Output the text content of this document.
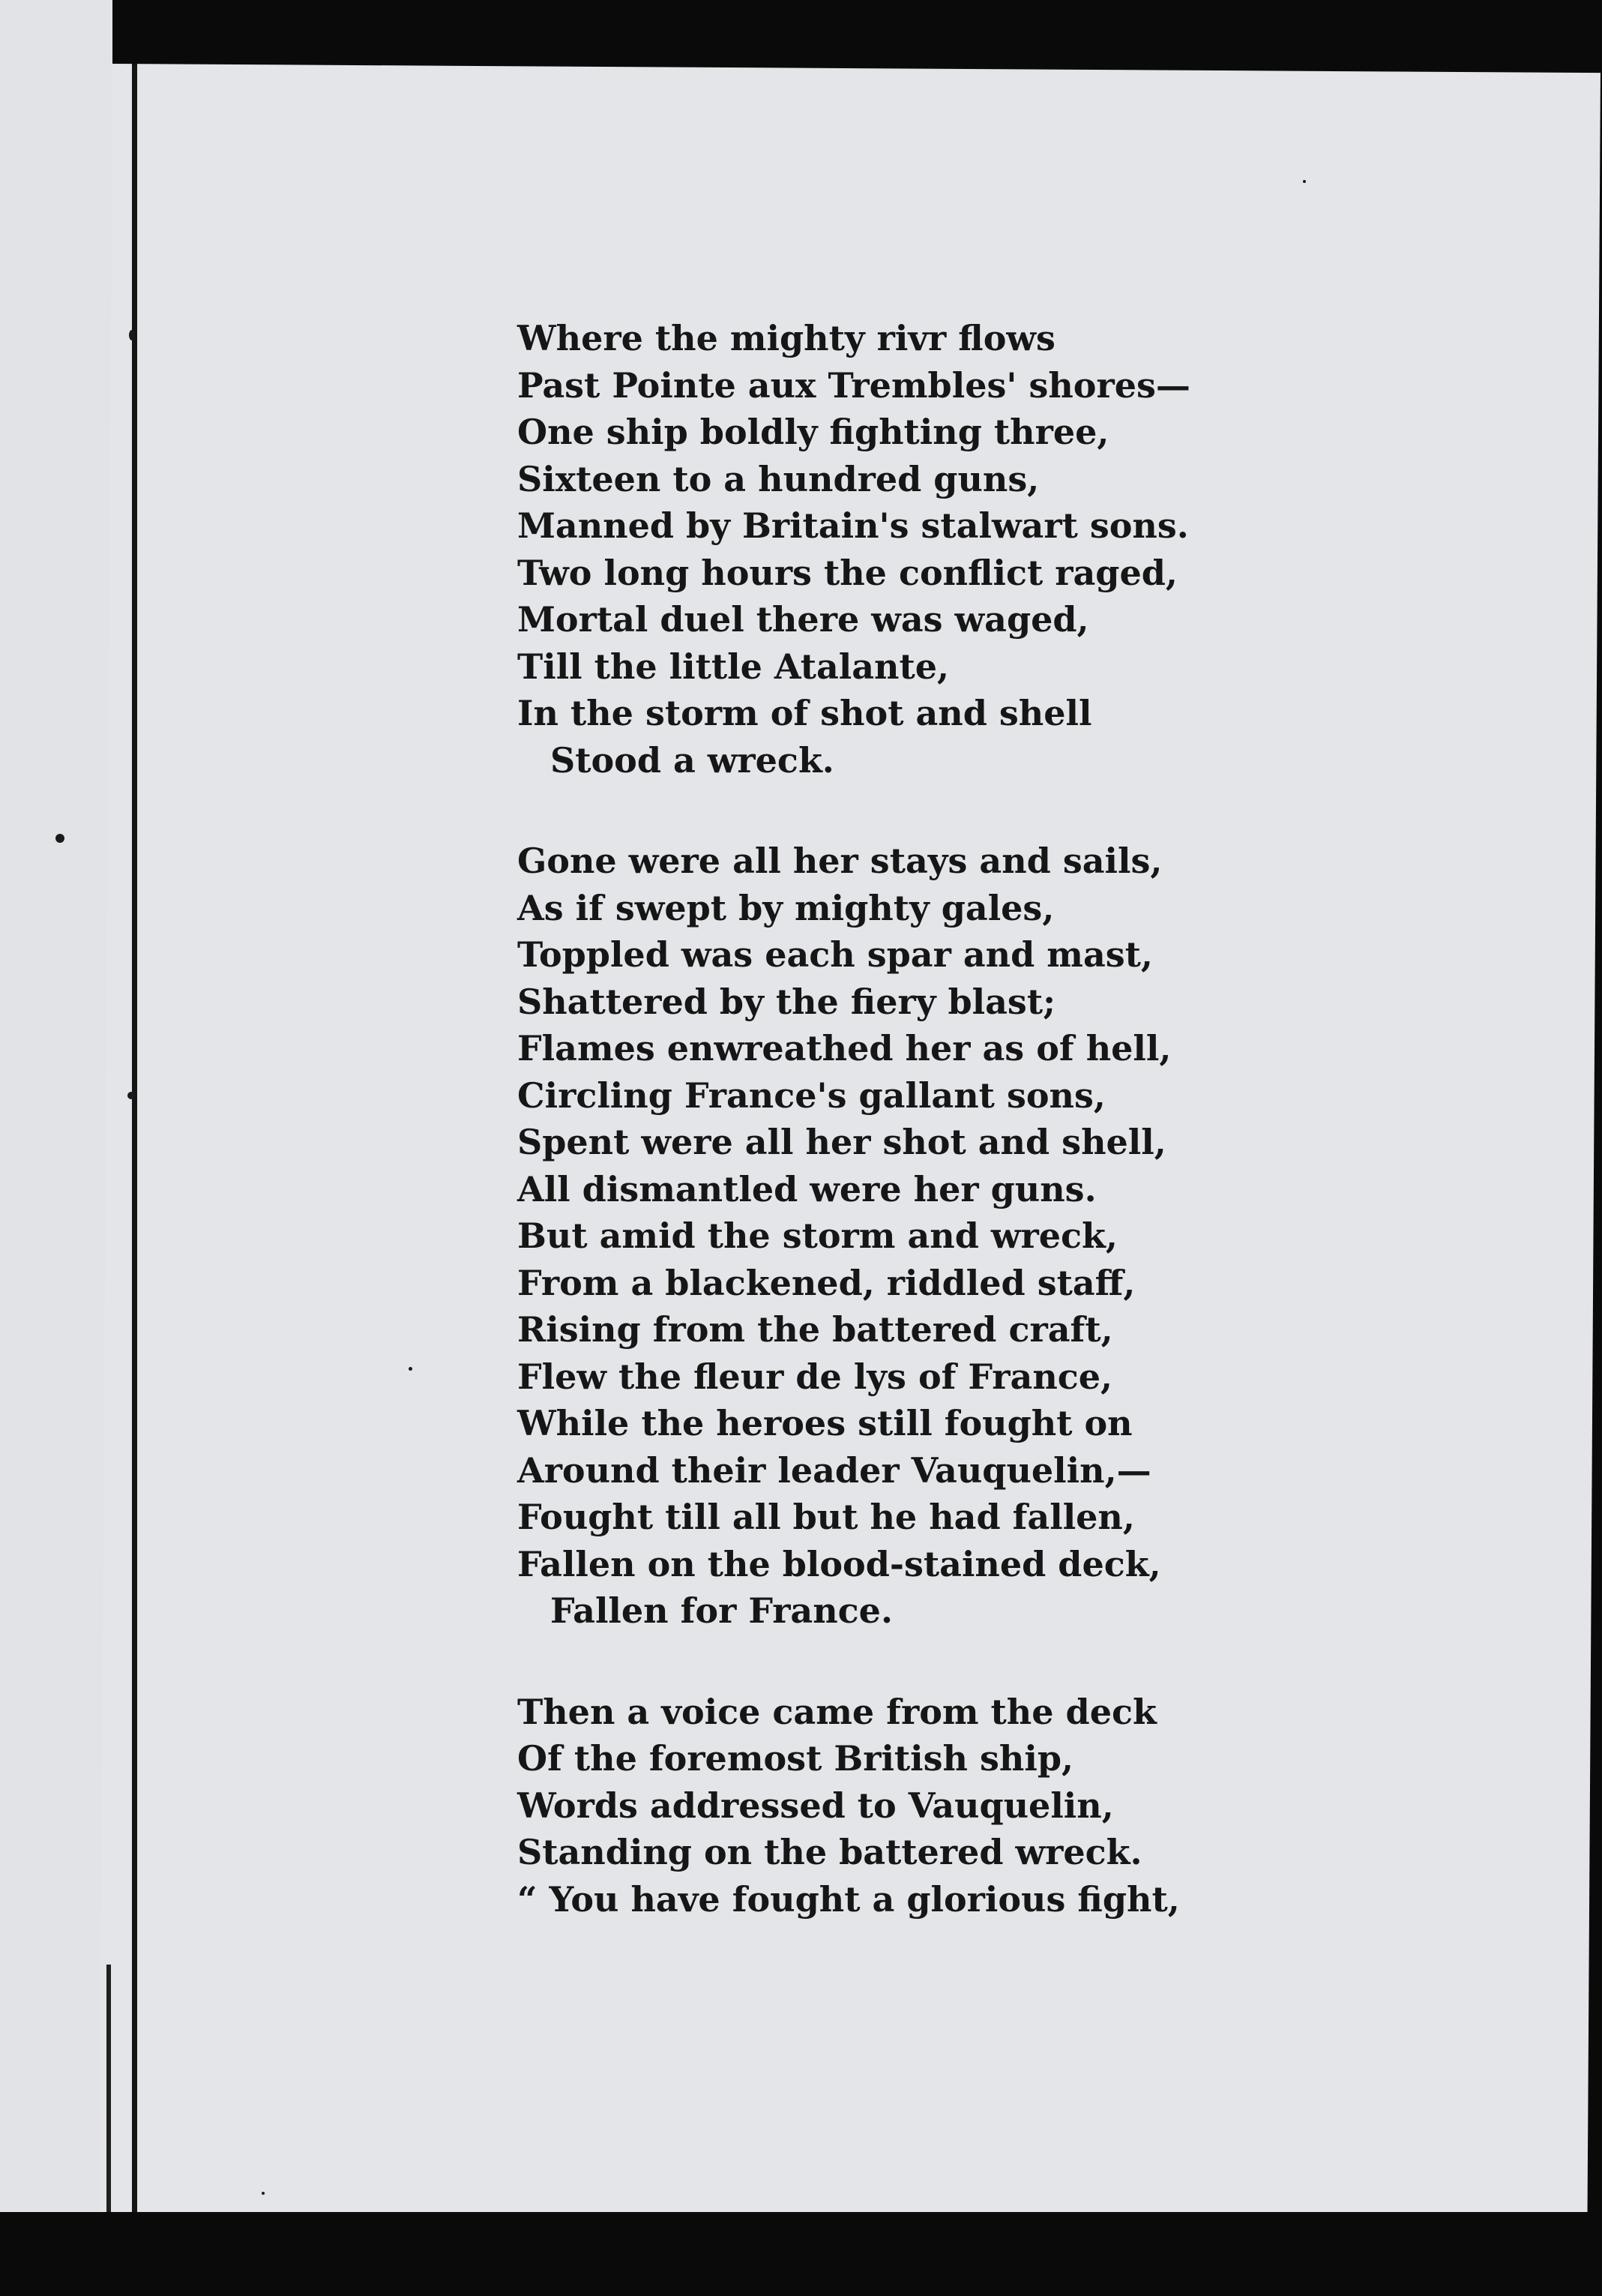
Where the mighty riv⁠r flows
Past Pointe aux Trembles' shores—
One ship boldly fighting three,
Sixteen to a hundred guns,
Manned by Britain's stalwart sons.
Two long hours the conflict raged,
Mortal duel there was waged,
Till the little Atalante,
In the storm of shot and shell
Stood a wreck.
Gone were all her stays and sails,
As if swept by mighty gales,
Toppled was each spar and mast,
Shattered by the fiery blast;
Flames enwreathed her as of hell,
Circling France's gallant sons,
Spent were all her shot and shell,
All dismantled were her guns.
But amid the storm and wreck,
From a blackened, riddled staff,
Rising from the battered craft,
Flew the fleur de lys of France,
While the heroes still fought on
Around their leader Vauquelin,—
Fought till all but he had fallen,
Fallen on the blood-stained deck,
Fallen for France.
Then a voice came from the deck
Of the foremost British ship,
Words addressed to Vauquelin,
Standing on the battered wreck.
“ You have fought a glorious fight,
